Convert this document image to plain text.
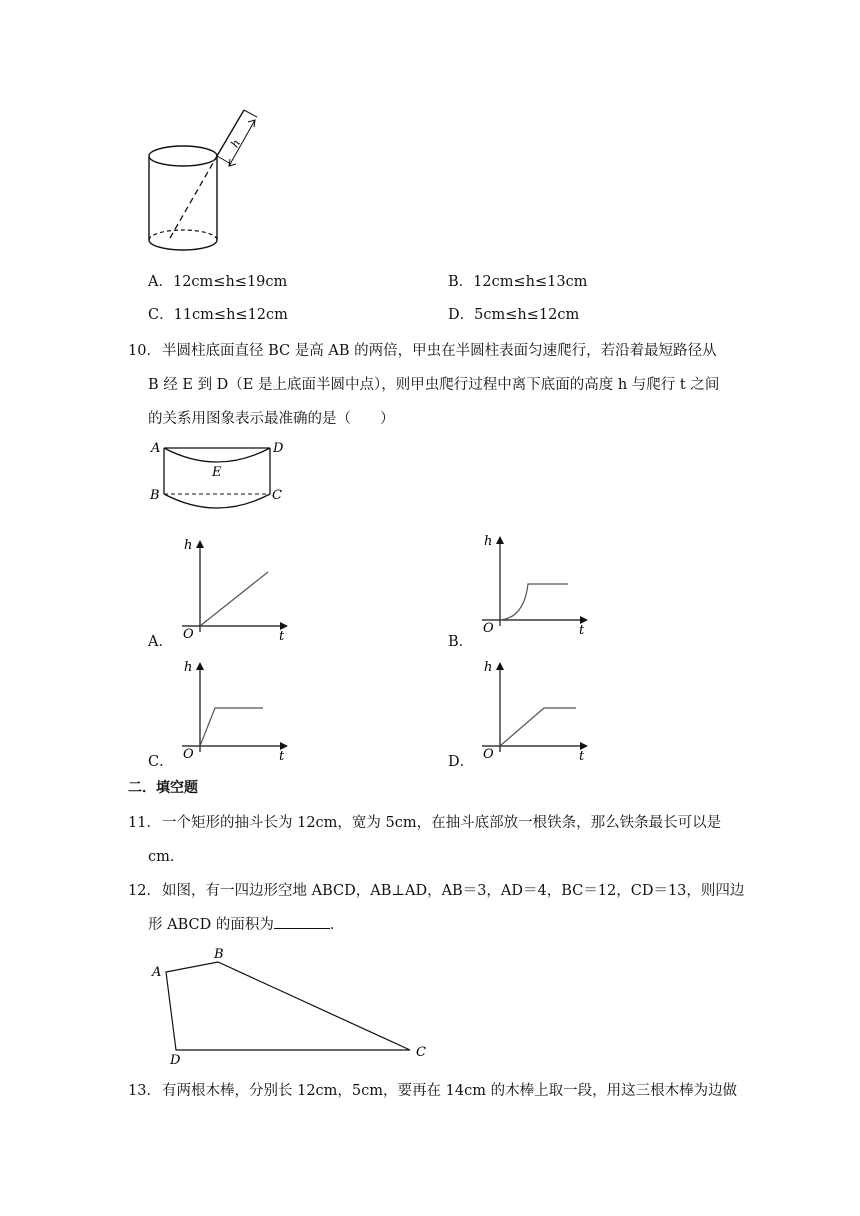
h
A．12cm≤h≤19cm	B．12cm≤h≤13cm
C．11cm≤h≤12cm	D．5cm≤h≤12cm
10． 半圆柱底面直径 BC 是高 AB 的两倍，甲虫在半圆柱表面匀速爬行，若沿着最短路径从
B 经 E 到 D（E 是上底面半圆中点），则甲虫爬行过程中离下底面的高度 h 与爬行 t 之间
的关系用图象表示最准确的是（　　）
A	D
E
B	C
h
t
O
A．
h
t
O
B．
h
t
O
C．
h
t
O
D．
二．填空题
11． 一个矩形的抽斗长为 12cm，宽为 5cm，在抽斗底部放一根铁条，那么铁条最长可以是
cm．
12． 如图，有一四边形空地 ABCD，AB⊥AD，AB＝3，AD＝4，BC＝12，CD＝13，则四边
形 ABCD 的面积为	．
A
B
C
D
13． 有两根木棒，分别长 12cm，5cm，要再在 14cm 的木棒上取一段，用这三根木棒为边做
